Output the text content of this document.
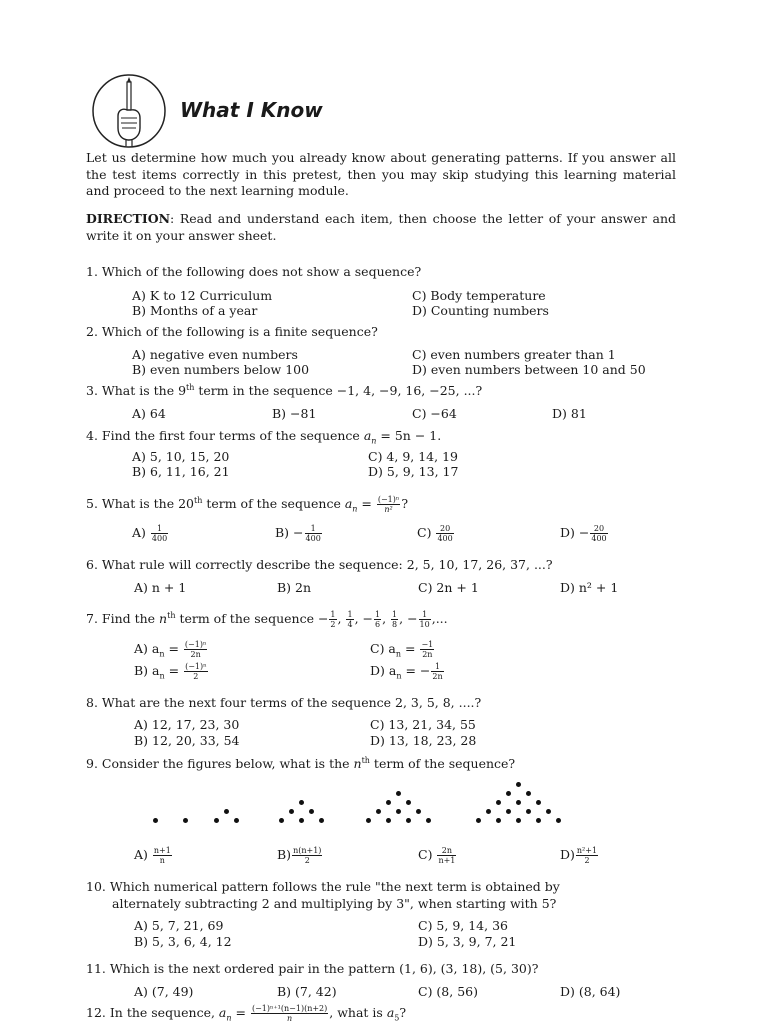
What I Know
Let us determine how much you already know about generating patterns. If you answer all the test items correctly in this pretest, then you may skip studying this learning material and proceed to the next learning module.
DIRECTION: Read and understand each item, then choose the letter of your answer and write it on your answer sheet.
1. Which of the following does not show a sequence?
A) K to 12 Curriculum
B) Months of a year
C) Body temperature
D) Counting numbers
2. Which of the following is a finite sequence?
A) negative even numbers
B) even numbers below 100
C) even numbers greater than 1
D) even numbers between 10 and 50
3. What is the 9th term in the sequence −1, 4, −9, 16, −25, ...?
A) 64	B) −81	C) −64	D) 81
4. Find the first four terms of the sequence $a_n = 5n - 1$.
A) 5, 10, 15, 20
B) 6, 11, 16, 21
C) 4, 9, 14, 19
D) 5, 9, 13, 17
5. What is the 20th term of the sequence $a_n = \frac{\text{(−1)ⁿ}}{\text{n²}}$ ?
$A) \frac{1}{400}$	$B) - \frac{1}{400}$	$C) \frac{20}{400}$	$D) - \frac{20}{400}$
6. What rule will correctly describe the sequence: 2, 5, 10, 17, 26, 37, ...?
A) n + 1	B) 2n	C) 2n + 1	D) n² + 1
7. Find the $n^{th}$ term of the sequence − $\frac{1}{2}$ , $\frac{1}{4}$ , − $\frac{1}{6}$ , $\frac{1}{8}$ , − $\frac{1}{10}$ ,...
A) $a_n = \frac{\text{(−1)ⁿ}}{2n}$
B) $a_n = \frac{\text{(−1)ⁿ}}{2}$
C) $a_n = \frac{-1}{2n}$
D) $a_n$ = − $\frac{1}{2n}$
8. What are the next four terms of the sequence 2, 3, 5, 8, ....?
A) 12, 17, 23, 30
B) 12, 20, 33, 54
C) 13, 21, 34, 55
D) 13, 18, 23, 28
9. Consider the figures below, what is the $n^{th}$ term of the sequence?
$A) \frac{n+1}{n}$	$B) \frac{n(n+1)}{2}$	$C) \frac{2n}{n+1}$	$D) \frac{\text{n²+1}}{2}$
10. Which numerical pattern follows the rule "the next term is obtained by
alternately subtracting 2 and multiplying by 3", when starting with 5?
A) 5, 7, 21, 69
B) 5, 3, 6, 4, 12
C) 5, 9, 14, 36
D) 5, 3, 9, 7, 21
11. Which is the next ordered pair in the pattern (1, 6), (3, 18), (5, 30)?
A) (7, 49)	B) (7, 42)	C) (8, 56)	D) (8, 64)
12. In the sequence, $a_n = \frac{\text{(−1)ⁿ⁺¹(n−1)(n+2)}}{n}$ , what is $a_5$?
